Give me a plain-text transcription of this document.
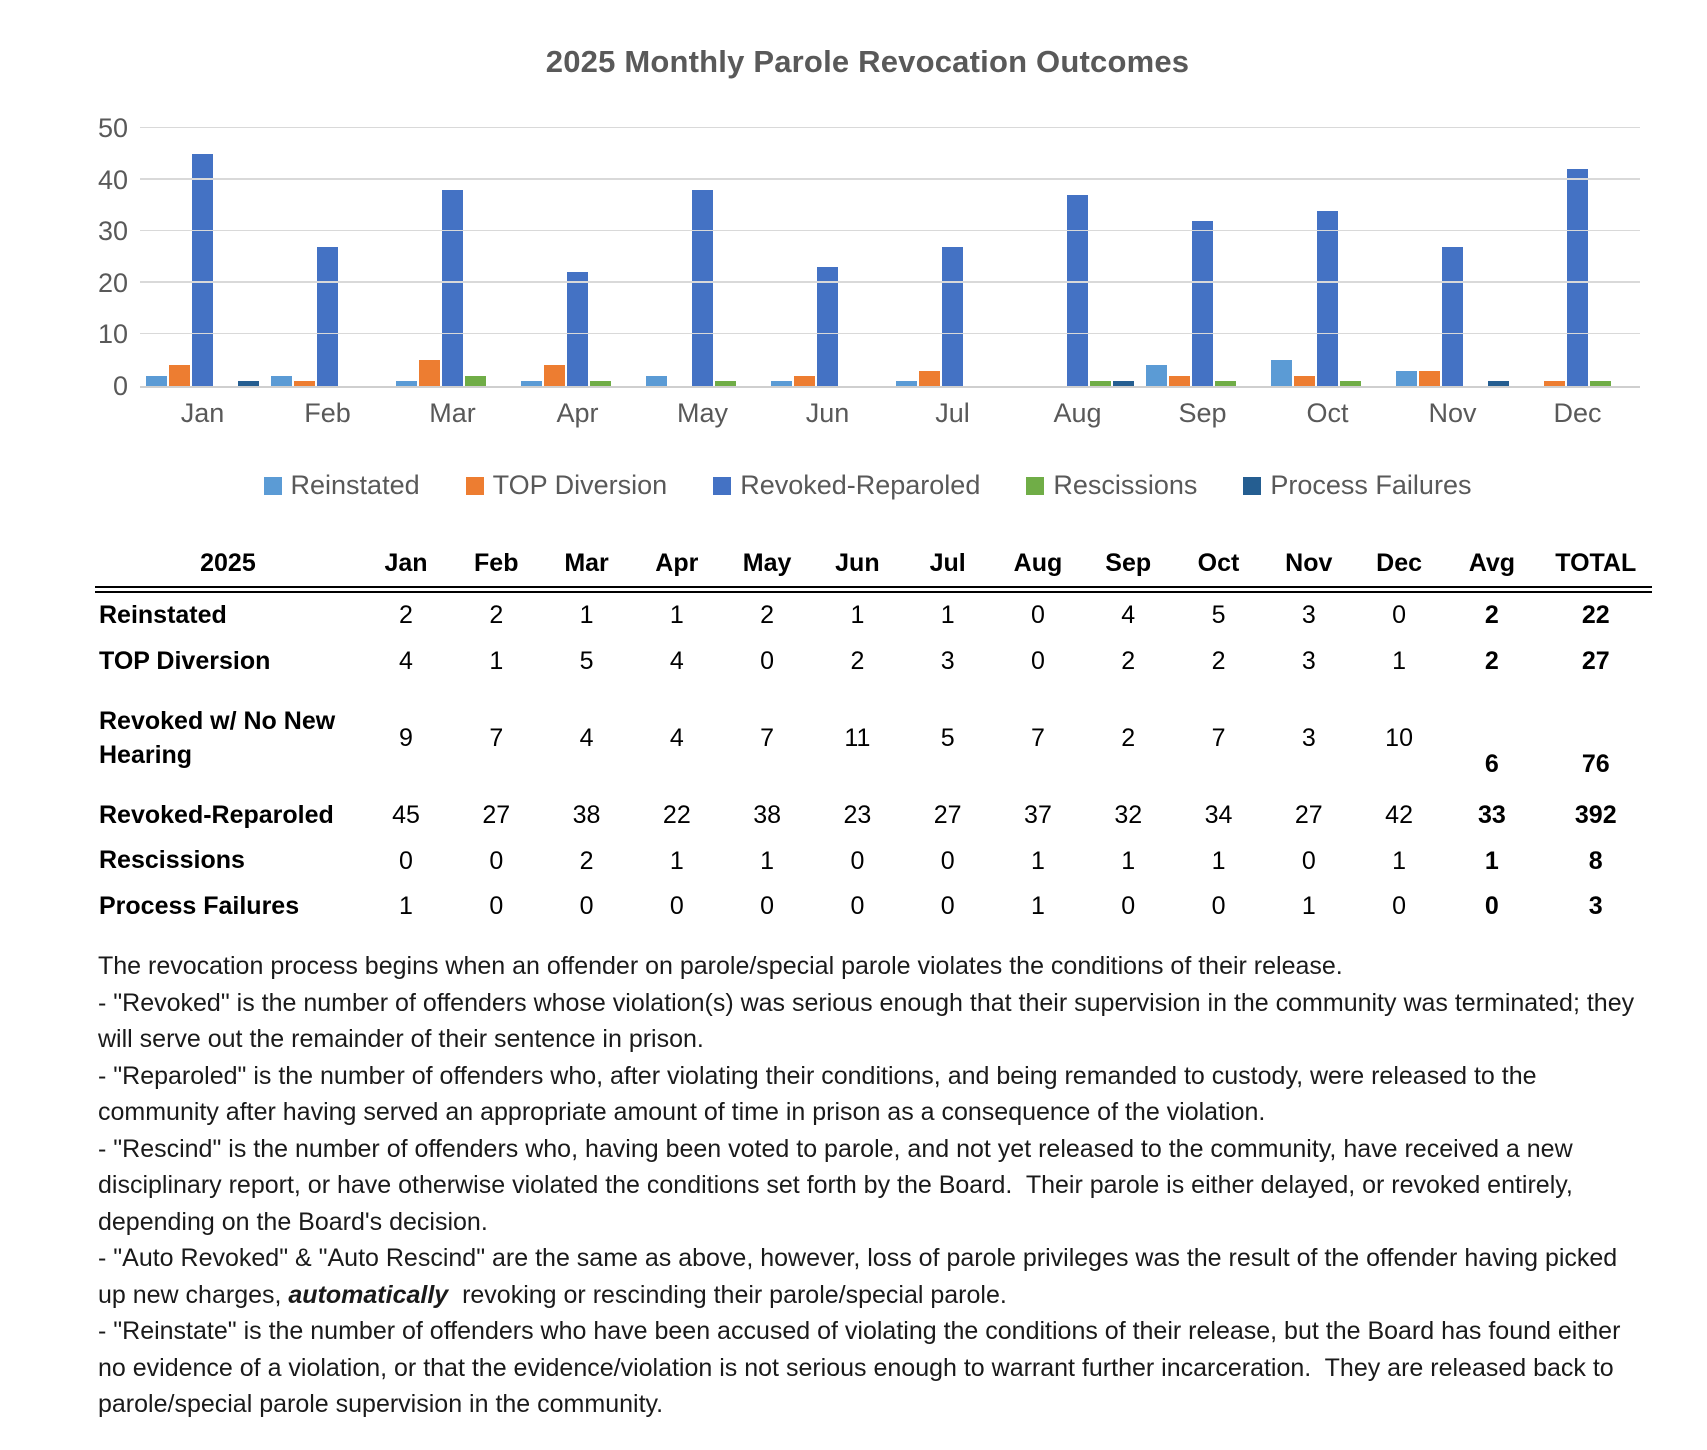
2025 Monthly Parole Revocation Outcomes
0
10
20
30
40
50
Jan	Feb	Mar	Apr	May	Jun	Jul	Aug	Sep	Oct	Nov	Dec
Reinstated	TOP Diversion	Revoked-Reparoled	Rescissions	Process Failures
2025	Jan	Feb	Mar	Apr	May	Jun	Jul	Aug	Sep	Oct	Nov	Dec	Avg	TOTAL
Reinstated	2	2	1	1	2	1	1	0	4	5	3	0	2	22
TOP Diversion	4	1	5	4	0	2	3	0	2	2	3	1	2	27
Revoked w/ No New Hearing	9	7	4	4	7	11	5	7	2	7	3	10	6	76
Revoked-Reparoled	45	27	38	22	38	23	27	37	32	34	27	42	33	392
Rescissions	0	0	2	1	1	0	0	1	1	1	0	1	1	8
Process Failures	1	0	0	0	0	0	0	1	0	0	1	0	0	3

The revocation process begins when an offender on parole/special parole violates the conditions of their release.

- "Revoked" is the number of offenders whose violation(s) was serious enough that their supervision in the community was terminated; they will serve out the remainder of their sentence in prison.

- "Reparoled" is the number of offenders who, after violating their conditions, and being remanded to custody, were released to the community after having served an appropriate amount of time in prison as a consequence of the violation.

- "Rescind" is the number of offenders who, having been voted to parole, and not yet released to the community, have received a new disciplinary report, or have otherwise violated the conditions set forth by the Board.  Their parole is either delayed, or revoked entirely, depending on the Board's decision.

- "Auto Revoked" & "Auto Rescind" are the same as above, however, loss of parole privileges was the result of the offender having picked up new charges, automatically  revoking or rescinding their parole/special parole.

- "Reinstate" is the number of offenders who have been accused of violating the conditions of their release, but the Board has found either no evidence of a violation, or that the evidence/violation is not serious enough to warrant further incarceration.  They are released back to parole/special parole supervision in the community.
